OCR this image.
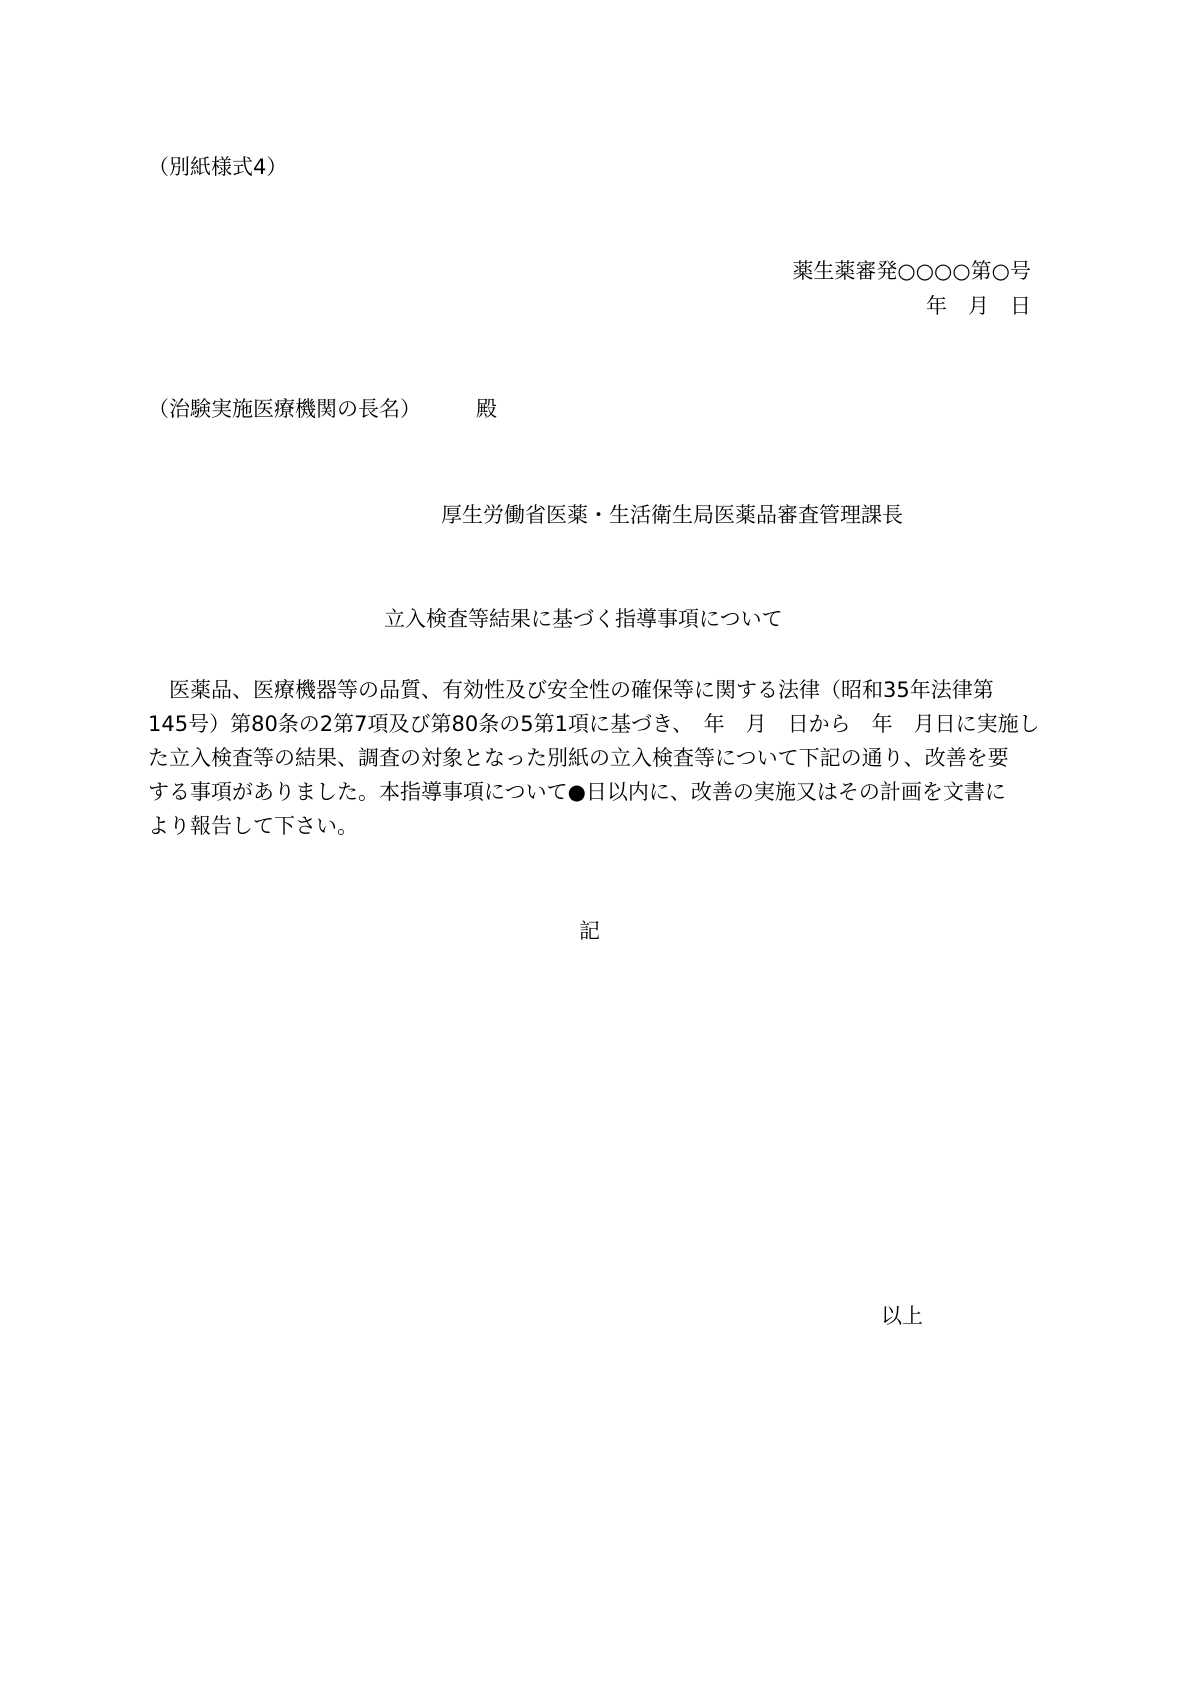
（別紙様式4）
薬生薬審発○○○○第○号
年　月　日
（治験実施医療機関の長名）	殿
厚生労働省医薬・生活衛生局医薬品審査管理課長
立入検査等結果に基づく指導事項について
　医薬品、医療機器等の品質、有効性及び安全性の確保等に関する法律（昭和35年法律第
145号）第80条の2第7項及び第80条の5第1項に基づき、　年　月　日から　年　月日に実施し
た立入検査等の結果、調査の対象となった別紙の立入検査等について下記の通り、改善を要
する事項がありました。本指導事項について●日以内に、改善の実施又はその計画を文書に
より報告して下さい。
記
以上
